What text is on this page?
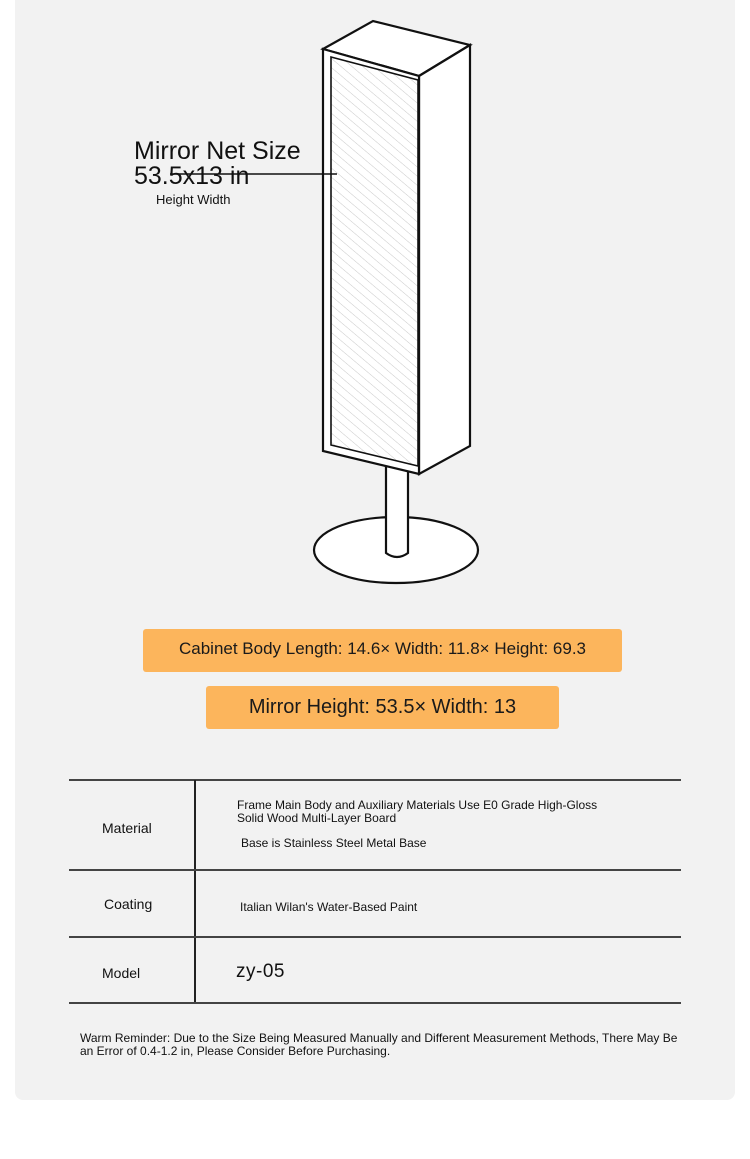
Mirror Net Size

53.5x13 in

Height Width

Cabinet Body Length: 14.6× Width: 11.8× Height: 69.3
Mirror Height: 53.5× Width: 13
Material
Frame Main Body and Auxiliary Materials Use E0 Grade High-Gloss Solid Wood Multi-Layer Board
Base is Stainless Steel Metal Base
Coating	Italian Wilan's Water-Based Paint
Model	zy-05
Warm Reminder: Due to the Size Being Measured Manually and Different Measurement Methods, There May Be an Error of 0.4-1.2 in, Please Consider Before Purchasing.
